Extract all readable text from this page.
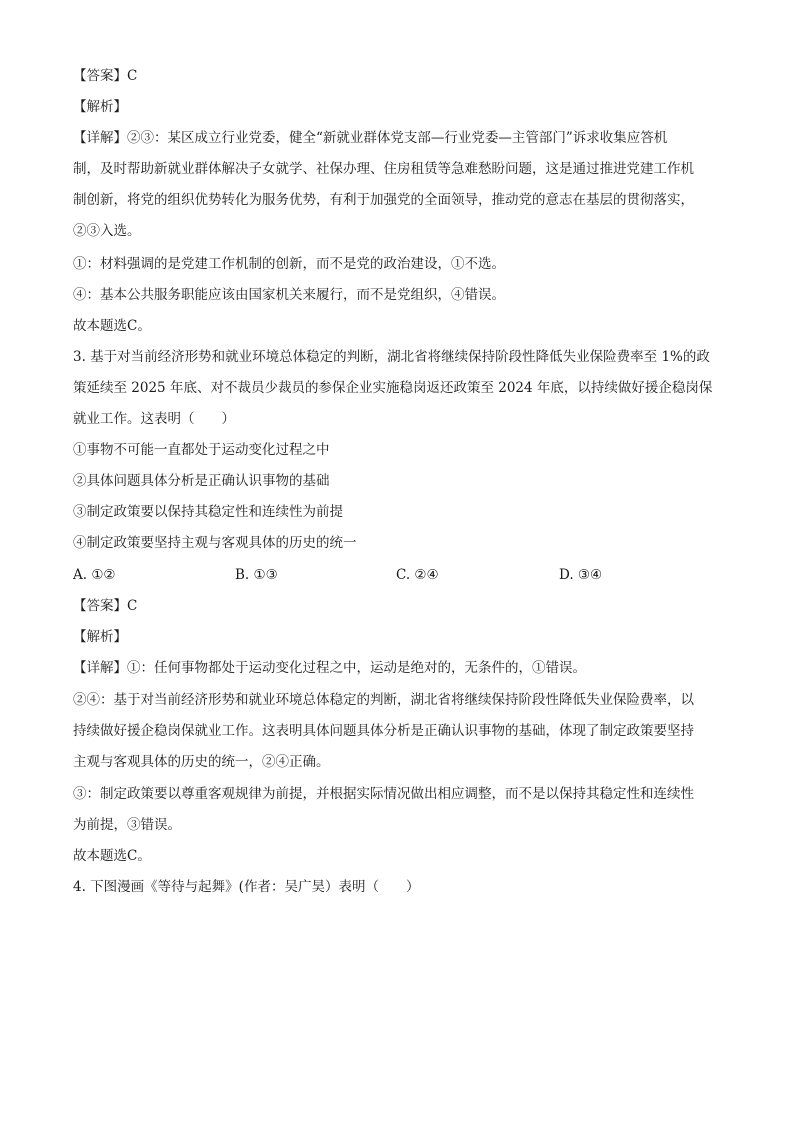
【答案】C
【解析】
【详解】②③：某区成立行业党委，健全“新就业群体党支部—行业党委—主管部门”诉求收集应答机
制，及时帮助新就业群体解决子女就学、社保办理、住房租赁等急难愁盼问题，这是通过推进党建工作机
制创新，将党的组织优势转化为服务优势，有利于加强党的全面领导，推动党的意志在基层的贯彻落实，
②③入选。
①：材料强调的是党建工作机制的创新，而不是党的政治建设，①不选。
④：基本公共服务职能应该由国家机关来履行，而不是党组织，④错误。
故本题选C。
3. 基于对当前经济形势和就业环境总体稳定的判断，湖北省将继续保持阶段性降低失业保险费率至 1%的政
策延续至 2025 年底、对不裁员少裁员的参保企业实施稳岗返还政策至 2024 年底，以持续做好援企稳岗保
就业工作。这表明（　　）
①事物不可能一直都处于运动变化过程之中
②具体问题具体分析是正确认识事物的基础
③制定政策要以保持其稳定性和连续性为前提
④制定政策要坚持主观与客观具体的历史的统一
A. ①②	B. ①③	C. ②④	D. ③④
【答案】C
【解析】
【详解】①：任何事物都处于运动变化过程之中，运动是绝对的，无条件的，①错误。
②④：基于对当前经济形势和就业环境总体稳定的判断，湖北省将继续保持阶段性降低失业保险费率，以
持续做好援企稳岗保就业工作。这表明具体问题具体分析是正确认识事物的基础，体现了制定政策要坚持
主观与客观具体的历史的统一，②④正确。
③：制定政策要以尊重客观规律为前提，并根据实际情况做出相应调整，而不是以保持其稳定性和连续性
为前提，③错误。
故本题选C。
4. 下图漫画《等待与起舞》(作者：吴广昊）表明（　　）
